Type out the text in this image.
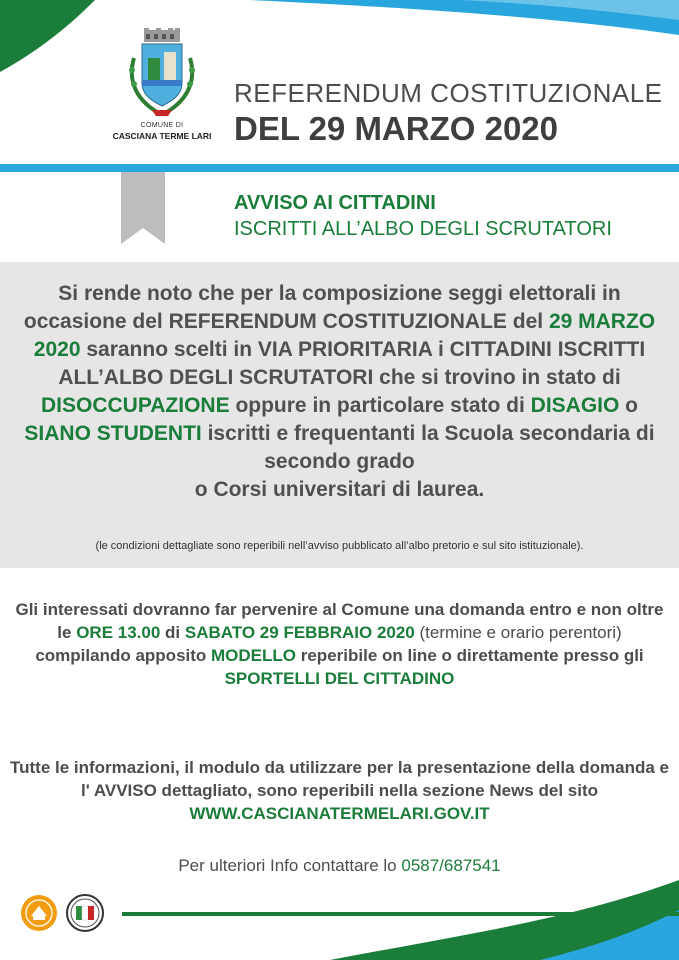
COMUNE DI
CASCIANA TERME LARI
REFERENDUM COSTITUZIONALE
DEL 29 MARZO 2020
AVVISO AI CITTADINI
ISCRITTI ALL’ALBO DEGLI SCRUTATORI
Si rende noto che per la composizione seggi elettorali in occasione del REFERENDUM COSTITUZIONALE del 29 MARZO 2020 saranno scelti in VIA PRIORITARIA i CITTADINI ISCRITTI ALL’ALBO DEGLI SCRUTATORI che si trovino in stato di DISOCCUPAZIONE oppure in particolare stato di DISAGIO o SIANO STUDENTI iscritti e frequentanti la Scuola secondaria di secondo grado
o Corsi universitari di laurea.
(le condizioni dettagliate sono reperibili nell’avviso pubblicato all’albo pretorio e sul sito istituzionale).
Gli interessati dovranno far pervenire al Comune una domanda entro e non oltre le ORE 13.00 di SABATO 29 FEBBRAIO 2020 (termine e orario perentori) compilando apposito MODELLO reperibile on line o direttamente presso gli
SPORTELLI DEL CITTADINO
Tutte le informazioni, il modulo da utilizzare per la presentazione della domanda e l' AVVISO dettagliato, sono reperibili nella sezione News del sito
WWW.CASCIANATERMELARI.GOV.IT
Per ulteriori Info contattare lo 0587/687541
